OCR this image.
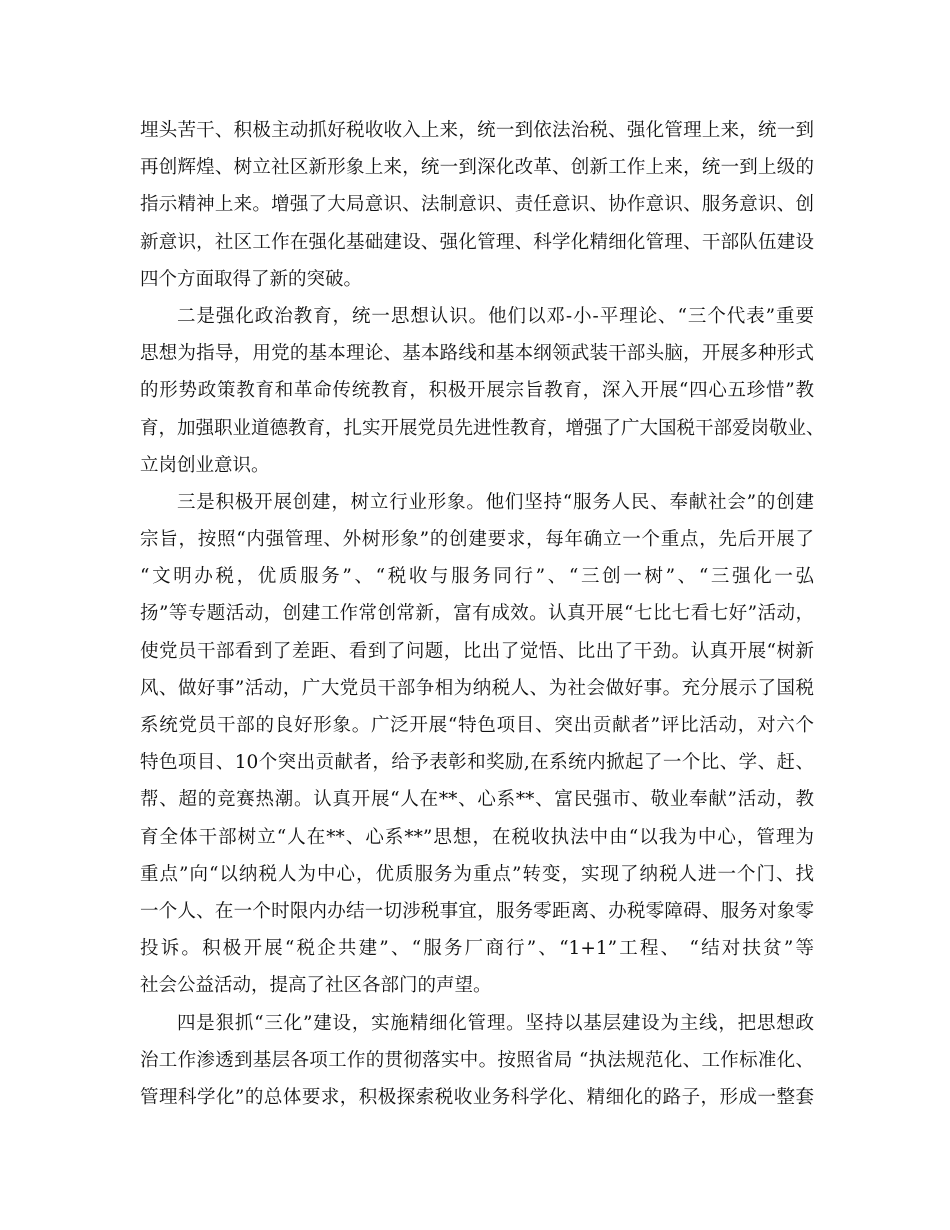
埋头苦干、积极主动抓好税收收入上来，统一到依法治税、强化管理上来，统一到
再创辉煌、树立社区新形象上来，统一到深化改革、创新工作上来，统一到上级的
指示精神上来。增强了大局意识、法制意识、责任意识、协作意识、服务意识、创
新意识，社区工作在强化基础建设、强化管理、科学化精细化管理、干部队伍建设
四个方面取得了新的突破。
二是强化政治教育，统一思想认识。他们以邓-小-平理论、“三个代表”重要
思想为指导，用党的基本理论、基本路线和基本纲领武装干部头脑，开展多种形式
的形势政策教育和革命传统教育，积极开展宗旨教育，深入开展“四心五珍惜”教
育，加强职业道德教育，扎实开展党员先进性教育，增强了广大国税干部爱岗敬业、
立岗创业意识。
三是积极开展创建，树立行业形象。他们坚持“服务人民、奉献社会”的创建
宗旨，按照“内强管理、外树形象”的创建要求，每年确立一个重点，先后开展了
“文明办税，优质服务”、“税收与服务同行”、“三创一树”、“三强化一弘
扬”等专题活动，创建工作常创常新，富有成效。认真开展“七比七看七好”活动，
使党员干部看到了差距、看到了问题，比出了觉悟、比出了干劲。认真开展“树新
风、做好事”活动，广大党员干部争相为纳税人、为社会做好事。充分展示了国税
系统党员干部的良好形象。广泛开展“特色项目、突出贡献者”评比活动，对六个
特色项目、10个突出贡献者，给予表彰和奖励,在系统内掀起了一个比、学、赶、
帮、超的竞赛热潮。认真开展“人在**、心系**、富民强市、敬业奉献”活动，教
育全体干部树立“人在**、心系**”思想，在税收执法中由“以我为中心，管理为
重点”向“以纳税人为中心，优质服务为重点”转变，实现了纳税人进一个门、找
一个人、在一个时限内办结一切涉税事宜，服务零距离、办税零障碍、服务对象零
投诉。积极开展“税企共建”、“服务厂商行”、“1+1”工程、 “结对扶贫”等
社会公益活动，提高了社区各部门的声望。
四是狠抓“三化”建设，实施精细化管理。坚持以基层建设为主线，把思想政
治工作渗透到基层各项工作的贯彻落实中。按照省局 “执法规范化、工作标准化、
管理科学化”的总体要求，积极探索税收业务科学化、精细化的路子，形成一整套
